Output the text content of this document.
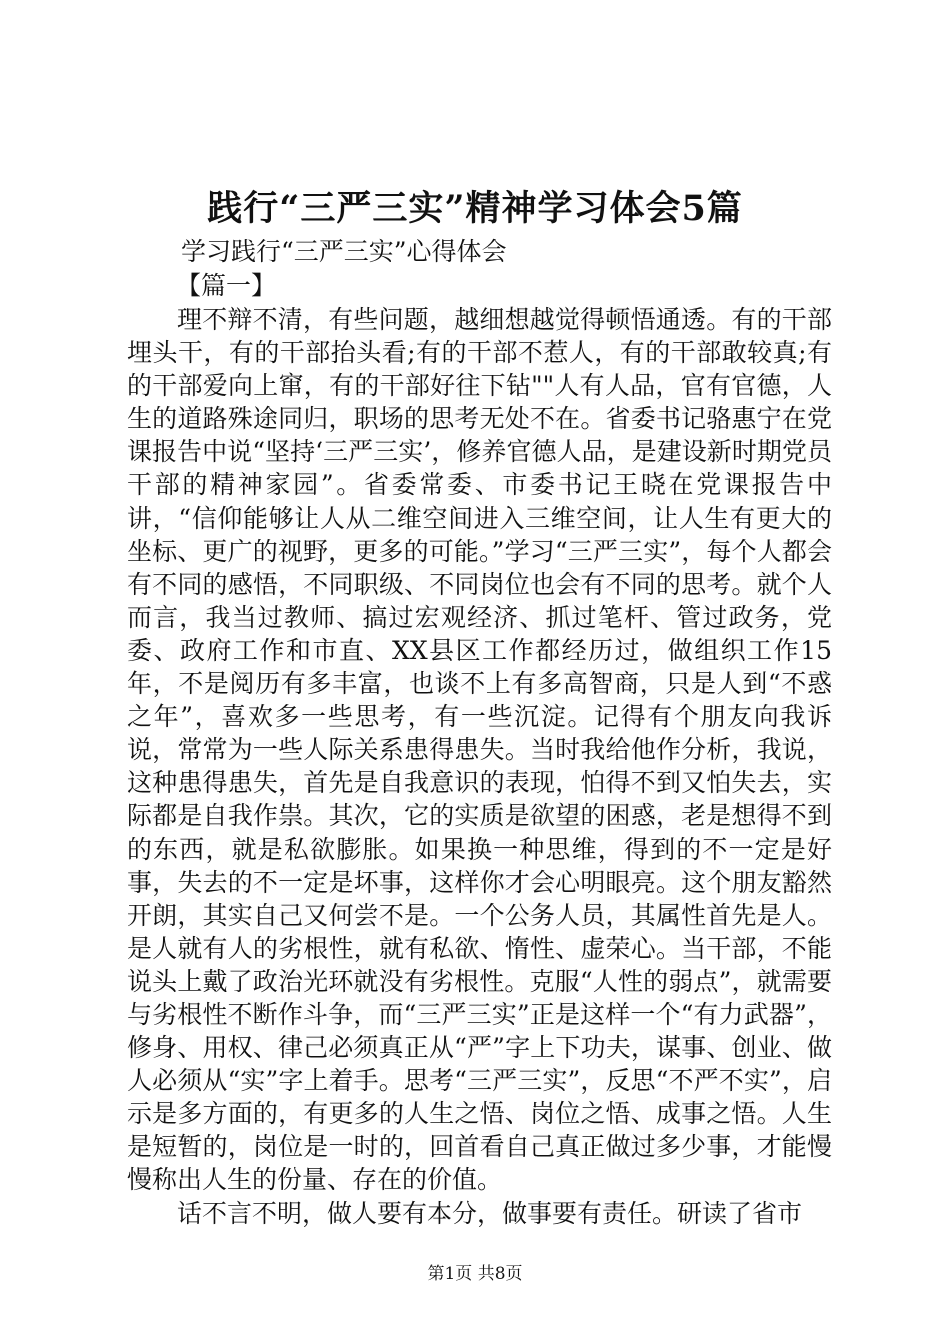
践行“三严三实”精神学习体会5篇
学习践行“三严三实”心得体会
【篇一】

理不辩不清，有些问题，越细想越觉得顿悟通透。有的干部埋头干，有的干部抬头看;有的干部不惹人，有的干部敢较真;有的干部爱向上窜，有的干部好往下钻""人有人品，官有官德，人生的道路殊途同归，职场的思考无处不在。省委书记骆惠宁在党课报告中说“坚持‘三严三实’，修养官德人品，是建设新时期党员干部的精神家园”。省委常委、市委书记王晓在党课报告中讲，“信仰能够让人从二维空间进入三维空间，让人生有更大的坐标、更广的视野，更多的可能。”学习“三严三实”，每个人都会有不同的感悟，不同职级、不同岗位也会有不同的思考。就个人而言，我当过教师、搞过宏观经济、抓过笔杆、管过政务，党委、政府工作和市直、XX县区工作都经历过，做组织工作15年，不是阅历有多丰富，也谈不上有多高智商，只是人到“不惑之年”，喜欢多一些思考，有一些沉淀。记得有个朋友向我诉说，常常为一些人际关系患得患失。当时我给他作分析，我说，这种患得患失，首先是自我意识的表现，怕得不到又怕失去，实际都是自我作祟。其次，它的实质是欲望的困惑，老是想得不到的东西，就是私欲膨胀。如果换一种思维，得到的不一定是好事，失去的不一定是坏事，这样你才会心明眼亮。这个朋友豁然开朗，其实自己又何尝不是。一个公务人员，其属性首先是人。是人就有人的劣根性，就有私欲、惰性、虚荣心。当干部，不能说头上戴了政治光环就没有劣根性。克服“人性的弱点”，就需要与劣根性不断作斗争，而“三严三实”正是这样一个“有力武器”，修身、用权、律己必须真正从“严”字上下功夫，谋事、创业、做人必须从“实”字上着手。思考“三严三实”，反思“不严不实”，启示是多方面的，有更多的人生之悟、岗位之悟、成事之悟。人生是短暂的，岗位是一时的，回首看自己真正做过多少事，才能慢慢称出人生的份量、存在的价值。

话不言不明，做人要有本分，做事要有责任。研读了省市

第1页 共8页
